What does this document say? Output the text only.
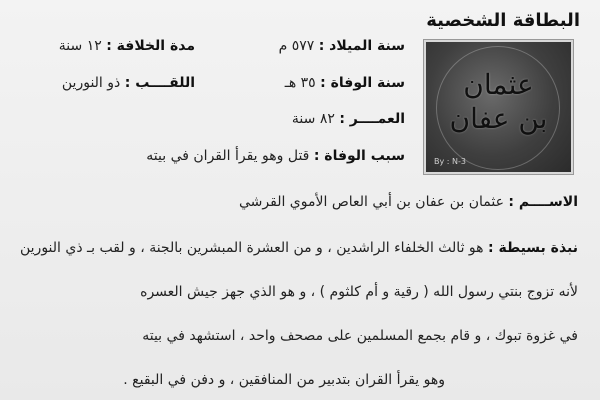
البطاقة الشخصية
عثمان
بن عفان
By : N-3
سنة الميلاد : ٥٧٧ م
مدة الخلافة : ١٢ سنة
سنة الوفاة : ٣٥ هـ
اللقــــب : ذو النورين
العمــــر : ٨٢ سنة
سبب الوفاة : قتل وهو يقرأ القران في بيته
الاســــم : عثمان بن عفان بن أبي العاص الأموي القرشي
نبذة بسيطة : هو ثالث الخلفاء الراشدين ، و من العشرة المبشرين بالجنة ، و لقب بـ ذي النورين
لأنه تزوج بنتي رسول الله ( رقية و أم كلثوم ) ، و هو الذي جهز جيش العسره
في غزوة تبوك ، و قام بجمع المسلمين على مصحف واحد ، استشهد في بيته
وهو يقرأ القران بتدبير من المنافقين ، و دفن في البقيع .
